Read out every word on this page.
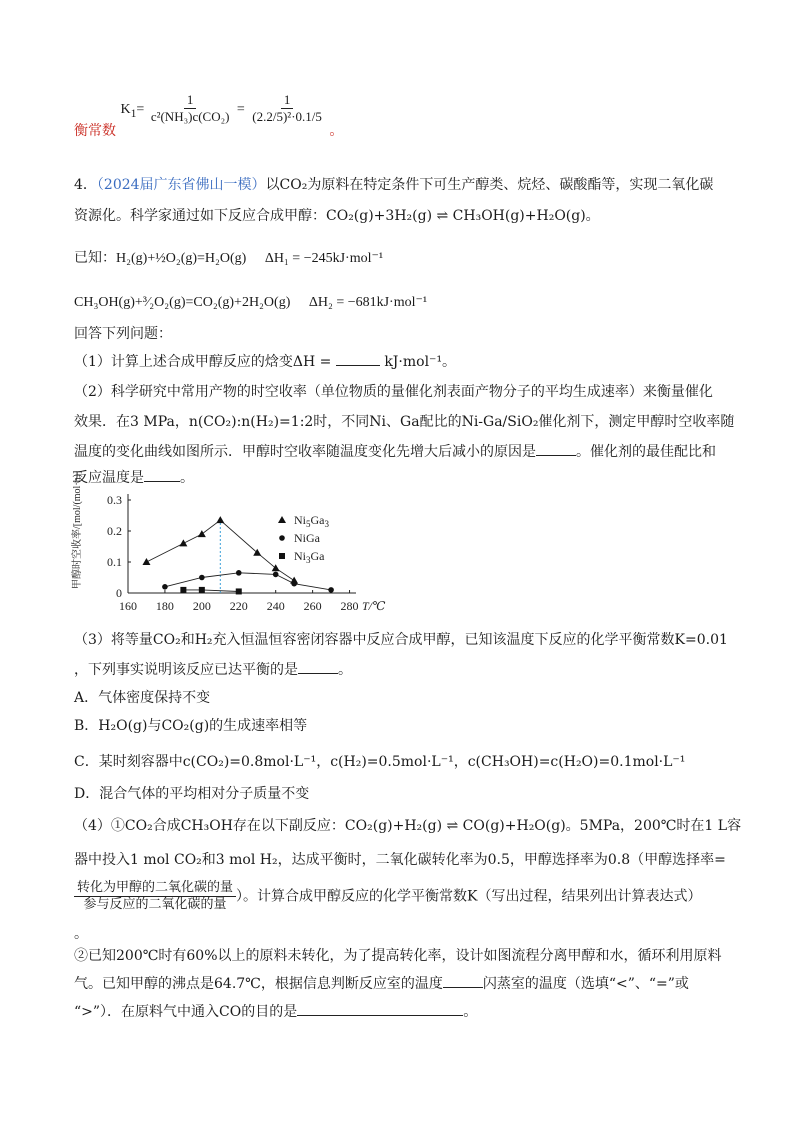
衡常数 $K_1= \frac{1}{\text{c²(NH₃)c(CO₂)}} = \frac{1}{\text{(2.2/5)²·0.1/5}}$
。
4．（2024届广东省佛山一模）以CO₂为原料在特定条件下可生产醇类、烷烃、碳酸酯等，实现二氧化碳
资源化。科学家通过如下反应合成甲醇：CO₂(g)+3H₂(g) ⇌ CH₃OH(g)+H₂O(g)。
已知：H₂(g)+½O₂(g)=H₂O(g) ΔH₁ = −245kJ·mol⁻¹
CH₃OH(g)+³⁄₂O₂(g)=CO₂(g)+2H₂O(g) ΔH₂ = −681kJ·mol⁻¹
回答下列问题：
（1）计算上述合成甲醇反应的焓变ΔH =	kJ·mol⁻¹。
（2）科学研究中常用产物的时空收率（单位物质的量催化剂表面产物分子的平均生成速率）来衡量催化
效果．在3 MPa，n(CO₂):n(H₂)=1:2时，不同Ni、Ga配比的Ni-Ga/SiO₂催化剂下，测定甲醇时空收率随
温度的变化曲线如图所示．甲醇时空收率随温度变化先增大后减小的原因是	。催化剂的最佳配比和
反应温度是	。
160 180 200 220 240 260 280
0
0.1
0.2
0.3
T/℃
甲醇时空收率/[mol/(mol·h)]	$Ni_5Ga_3$
NiGa
$Ni_3Ga$
（3）将等量CO₂和H₂充入恒温恒容密闭容器中反应合成甲醇，已知该温度下反应的化学平衡常数K=0.01
，下列事实说明该反应已达平衡的是	。
A．气体密度保持不变
B．H₂O(g)与CO₂(g)的生成速率相等
C．某时刻容器中c(CO₂)=0.8mol·L⁻¹，c(H₂)=0.5mol·L⁻¹，c(CH₃OH)=c(H₂O)=0.1mol·L⁻¹
D．混合气体的平均相对分子质量不变
（4）①CO₂合成CH₃OH存在以下副反应：CO₂(g)+H₂(g) ⇌ CO(g)+H₂O(g)。5MPa，200℃时在1 L容
器中投入1 mol CO₂和3 mol H₂，达成平衡时，二氧化碳转化率为0.5，甲醇选择率为0.8（甲醇选择率=
$\frac{\text{转化为甲醇的二氧化碳的量}}{\text{参与反应的二氧化碳的量}}$ ）。计算合成甲醇反应的化学平衡常数K（写出过程，结果列出计算表达式）
。
②已知200℃时有60%以上的原料未转化，为了提高转化率，设计如图流程分离甲醇和水，循环利用原料
气。已知甲醇的沸点是64.7℃，根据信息判断反应室的温度	闪蒸室的温度（选填“<”、“=”或
“>”）．在原料气中通入CO的目的是	。
